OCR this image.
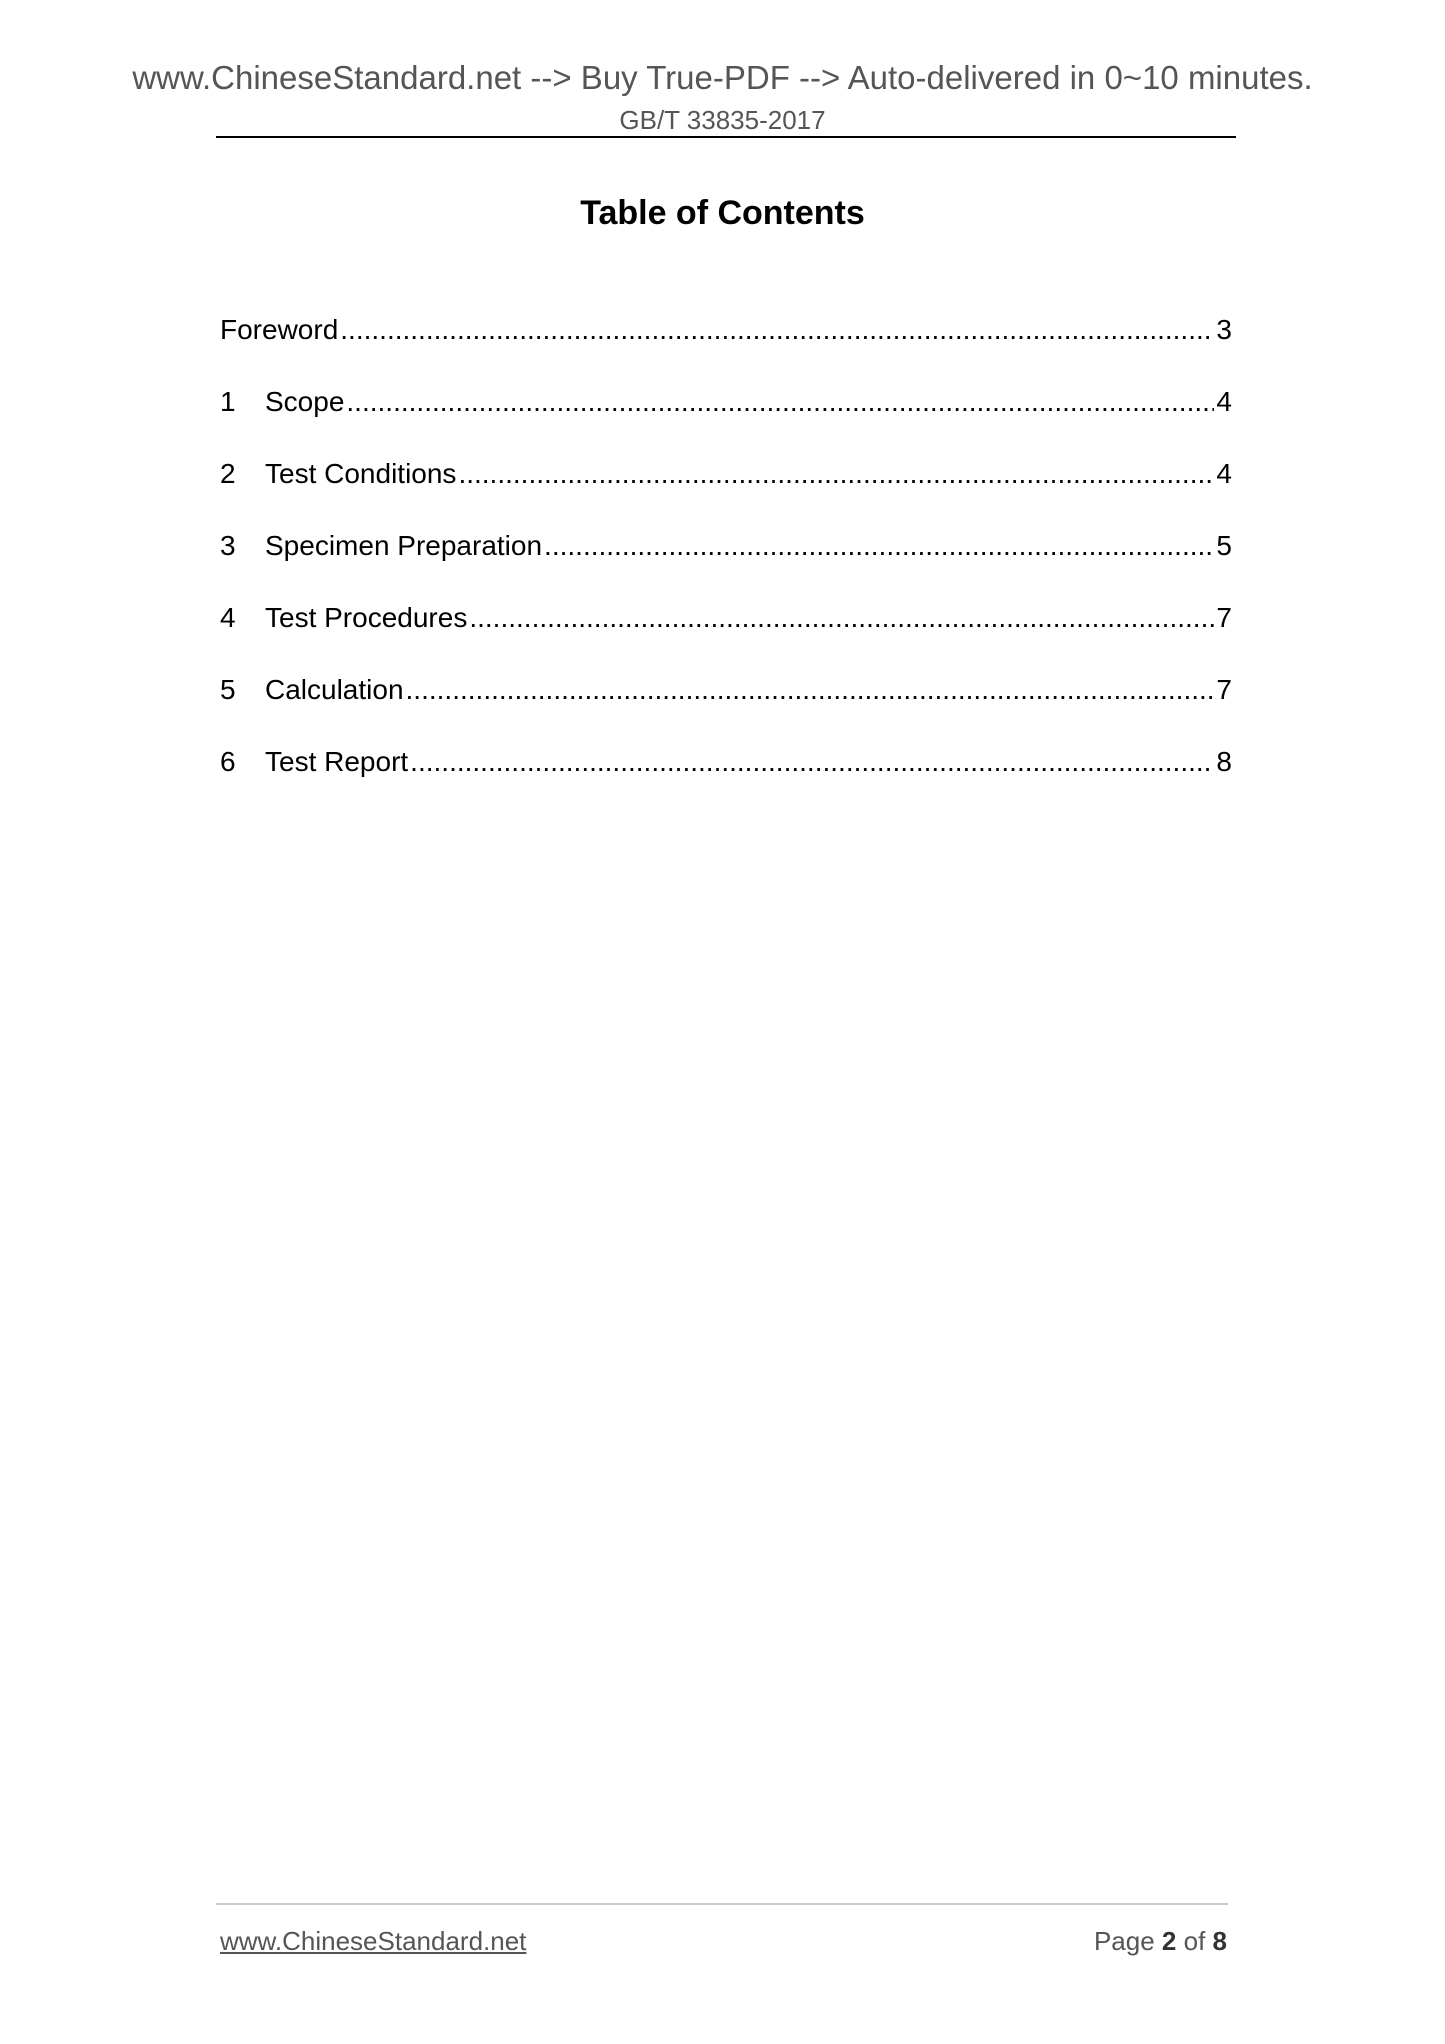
www.ChineseStandard.net --> Buy True-PDF --> Auto-delivered in 0~10 minutes.
GB/T 33835-2017
Table of Contents
Foreword .....	3
1	Scope .....	4
2	Test Conditions .....	4
3	Specimen Preparation .....	5
4	Test Procedures .....	7
5	Calculation .....	7
6	Test Report .....	8
www.ChineseStandard.net	Page 2 of 8
